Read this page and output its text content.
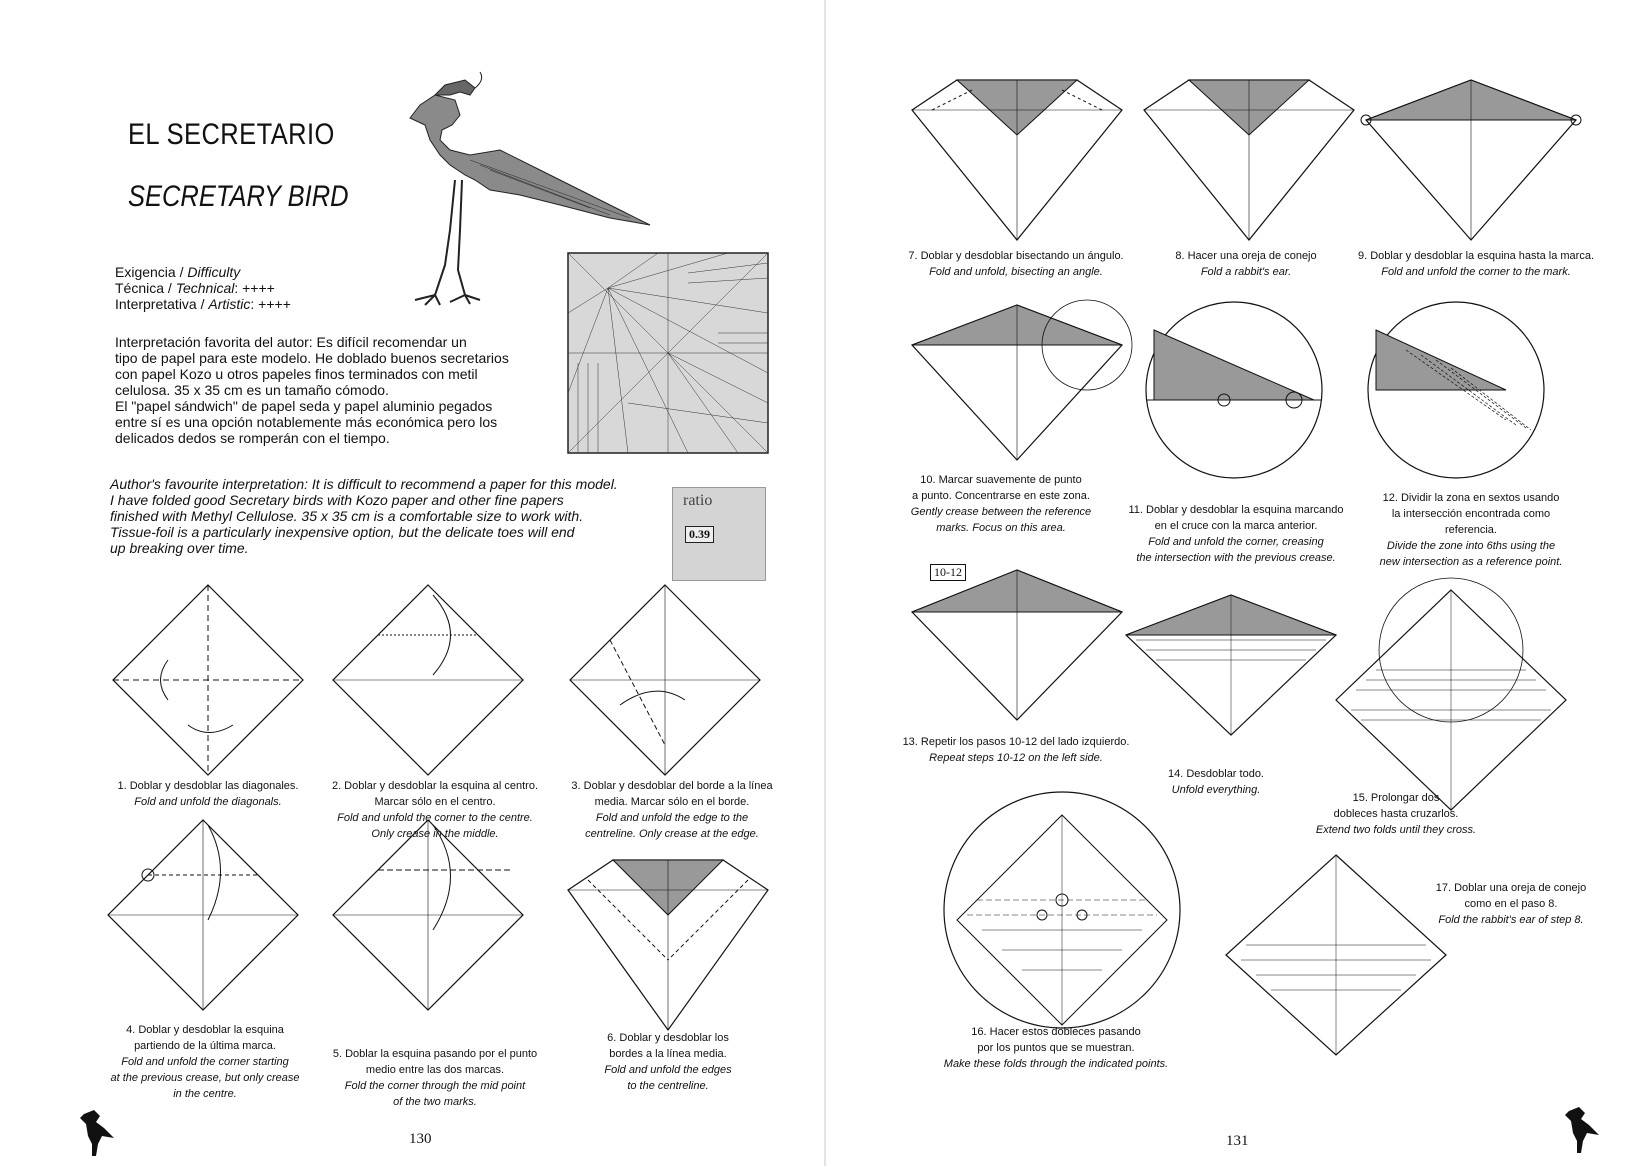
EL SECRETARIO
SECRETARY BIRD
Exigencia / Difficulty
Técnica / Technical: ++++
Interpretativa / Artistic: ++++
Interpretación favorita del autor: Es difícil recomendar un
tipo de papel para este modelo. He doblado buenos secretarios
con papel Kozo u otros papeles finos terminados con metil
celulosa. 35 x 35 cm es un tamaño cómodo.
El "papel sándwich" de papel seda y papel aluminio pegados
entre sí es una opción notablemente más económica pero los
delicados dedos se romperán con el tiempo.
Author's favourite interpretation: It is difficult to recommend a paper for this model.
I have folded good Secretary birds with Kozo paper and other fine papers
finished with Methyl Cellulose. 35 x 35 cm is a comfortable size to work with.
Tissue-foil is a particularly inexpensive option, but the delicate toes will end
up breaking over time.
ratio
0.39
1. Doblar y desdoblar las diagonales.
Fold and unfold the diagonals.
2. Doblar y desdoblar la esquina al centro.
Marcar sólo en el centro.
Fold and unfold the corner to the centre.
Only crease in the middle.
3. Doblar y desdoblar del borde a la línea
media. Marcar sólo en el borde.
Fold and unfold the edge to the
centreline. Only crease at the edge.
4. Doblar y desdoblar la esquina
partiendo de la última marca.
Fold and unfold the corner starting
at the previous crease, but only crease
in the centre.
5. Doblar la esquina pasando por el punto
medio entre las dos marcas.
Fold the corner through the mid point
of the two marks.
6. Doblar y desdoblar los
bordes a la línea media.
Fold and unfold the edges
to the centreline.
130
7. Doblar y desdoblar bisectando un ángulo.
Fold and unfold, bisecting an angle.
8. Hacer una oreja de conejo
Fold a rabbit's ear.
9. Doblar y desdoblar la esquina hasta la marca.
Fold and unfold the corner to the mark.
10. Marcar suavemente de punto
a punto. Concentrarse en este zona.
Gently crease between the reference
marks. Focus on this area.
11. Doblar y desdoblar la esquina marcando
en el cruce con la marca anterior.
Fold and unfold the corner, creasing
the intersection with the previous crease.
12. Dividir la zona en sextos usando
la intersección encontrada como
referencia.
Divide the zone into 6ths using the
new intersection as a reference point.
10-12
13. Repetir los pasos 10-12 del lado izquierdo.
Repeat steps 10-12 on the left side.
14. Desdoblar todo.
Unfold everything.
15. Prolongar dos
dobleces hasta cruzarlos.
Extend two folds until they cross.
16. Hacer estos dobleces pasando
por los puntos que se muestran.
Make these folds through the indicated points.
17. Doblar una oreja de conejo
como en el paso 8.
Fold the rabbit's ear of step 8.
131
